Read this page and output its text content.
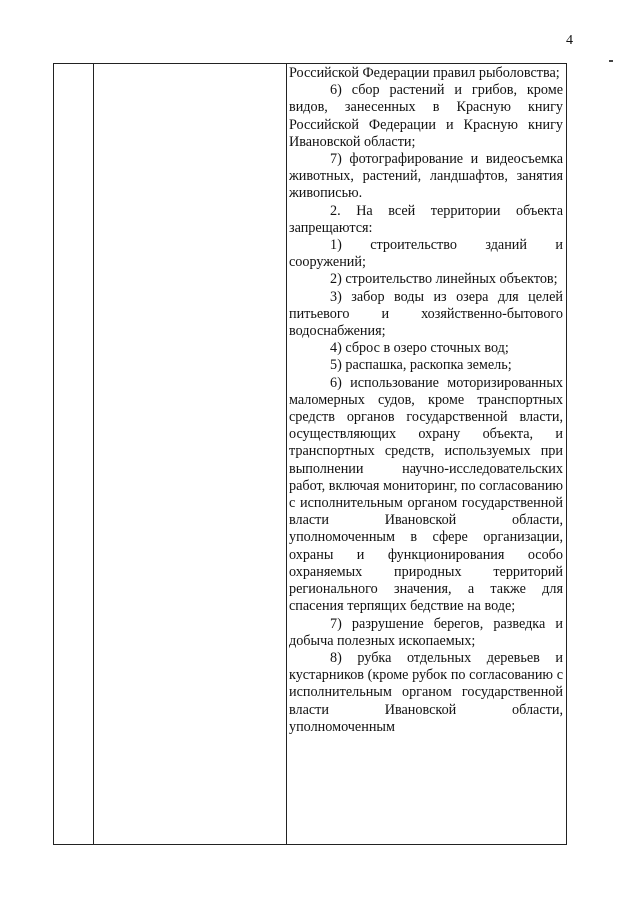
4

Российской Федерации правил рыболовства;

6) сбор растений и грибов, кроме видов, занесенных в Красную книгу Российской Федерации и Красную книгу Ивановской области;

7) фотографирование и видеосъемка животных, растений, ландшафтов, занятия живописью.

2. На всей территории объекта запрещаются:

1) строительство зданий и сооружений;

2) строительство линейных объектов;

3) забор воды из озера для целей питьевого и хозяйственно-бытового водоснабжения;

4) сброс в озеро сточных вод;

5) распашка, раскопка земель;

6) использование моторизированных маломерных судов, кроме транспортных средств органов государственной власти, осуществляющих охрану объекта, и транспортных средств, используемых при выполнении научно-исследовательских работ, включая мониторинг, по согласованию с исполнительным органом государственной власти Ивановской области, уполномоченным в сфере организации, охраны и функционирования особо охраняемых природных территорий регионального значения, а также для спасения терпящих бедствие на воде;

7) разрушение берегов, разведка и добыча полезных ископаемых;

8) рубка отдельных деревьев и кустарников (кроме рубок по согласованию с исполнительным органом государственной власти Ивановской области, уполномоченным
